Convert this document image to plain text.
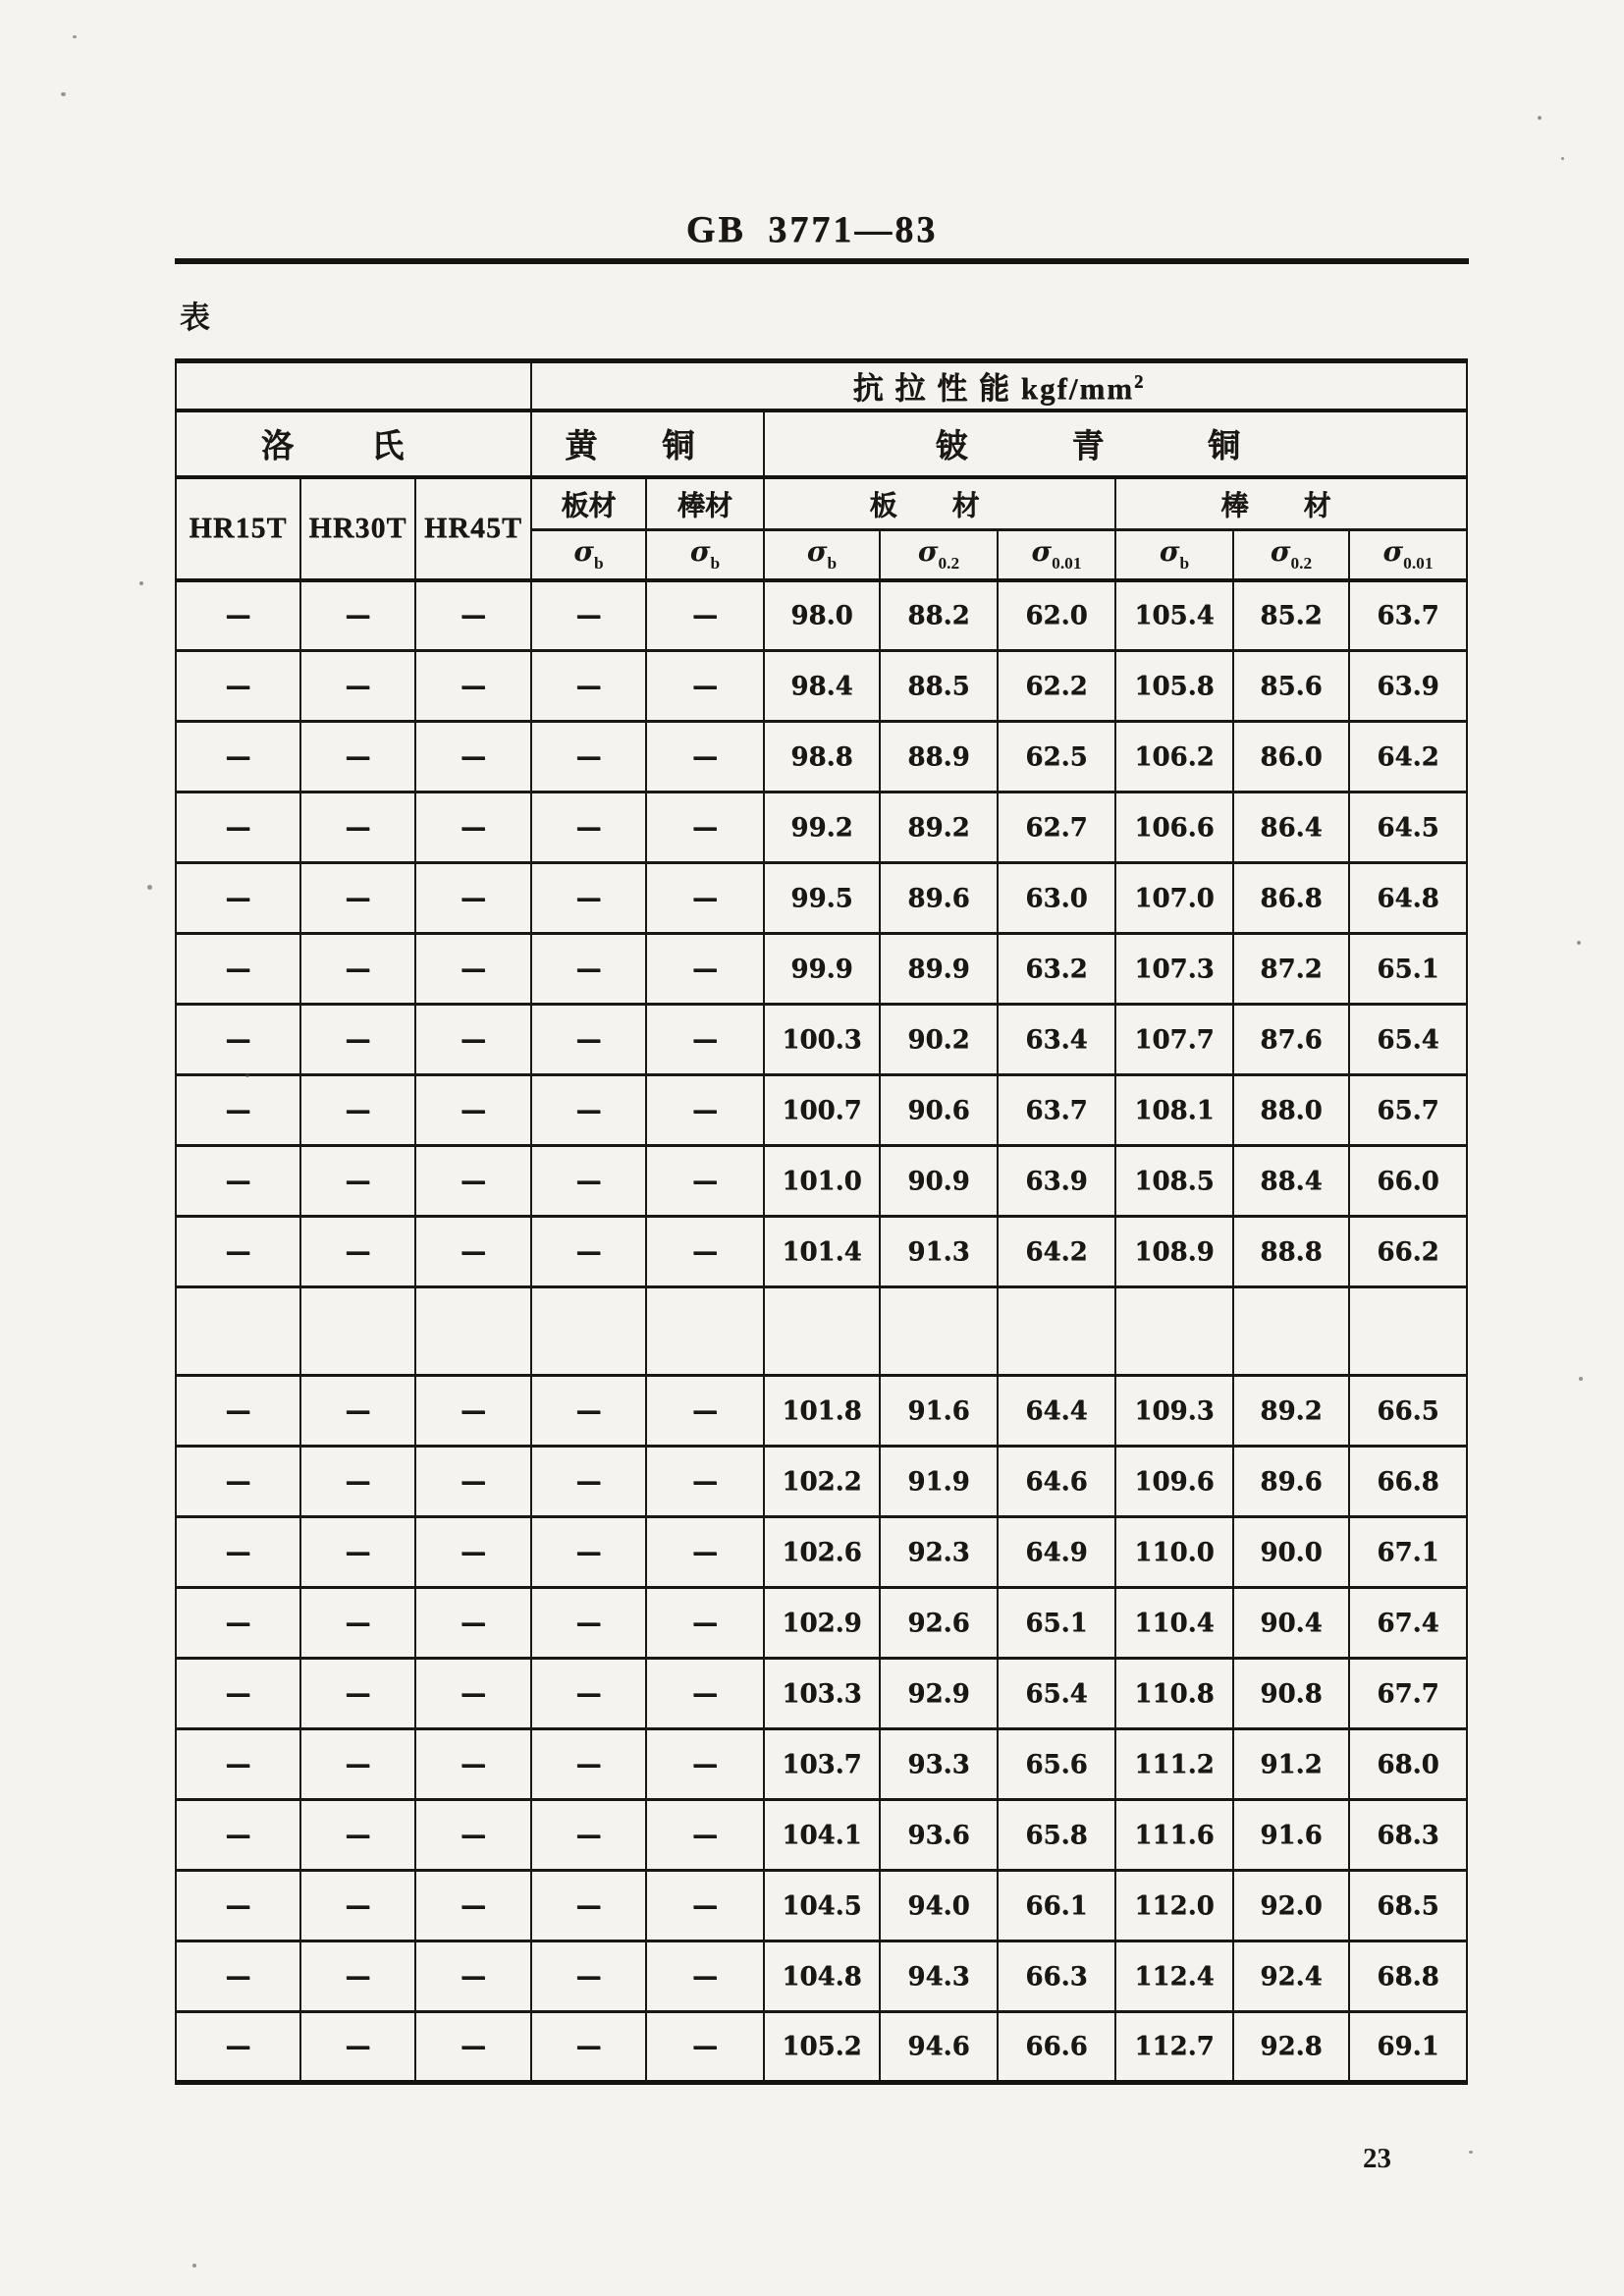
GB 3771—83
表
			抗 拉 性 能 kgf/$mm^2$
洛氏			黄铜		铍青铜					
HR15T	HR30T	HR45T	板材	棒材	板材			棒材		
			$\sigma_b$	$\sigma_b$	$\sigma_b$	$\sigma_{0.2}$	$\sigma_{0.01}$	$\sigma_b$	$\sigma_{0.2}$	$\sigma_{0.01}$
—	—	—	—	—	98.0	88.2	62.0	105.4	85.2	63.7
—	—	—	—	—	98.4	88.5	62.2	105.8	85.6	63.9
—	—	—	—	—	98.8	88.9	62.5	106.2	86.0	64.2
—	—	—	—	—	99.2	89.2	62.7	106.6	86.4	64.5
—	—	—	—	—	99.5	89.6	63.0	107.0	86.8	64.8
—	—	—	—	—	99.9	89.9	63.2	107.3	87.2	65.1
—	—	—	—	—	100.3	90.2	63.4	107.7	87.6	65.4
—	—	—	—	—	100.7	90.6	63.7	108.1	88.0	65.7
—	—	—	—	—	101.0	90.9	63.9	108.5	88.4	66.0
—	—	—	—	—	101.4	91.3	64.2	108.9	88.8	66.2

—	—	—	—	—	101.8	91.6	64.4	109.3	89.2	66.5
—	—	—	—	—	102.2	91.9	64.6	109.6	89.6	66.8
—	—	—	—	—	102.6	92.3	64.9	110.0	90.0	67.1
—	—	—	—	—	102.9	92.6	65.1	110.4	90.4	67.4
—	—	—	—	—	103.3	92.9	65.4	110.8	90.8	67.7
—	—	—	—	—	103.7	93.3	65.6	111.2	91.2	68.0
—	—	—	—	—	104.1	93.6	65.8	111.6	91.6	68.3
—	—	—	—	—	104.5	94.0	66.1	112.0	92.0	68.5
—	—	—	—	—	104.8	94.3	66.3	112.4	92.4	68.8
—	—	—	—	—	105.2	94.6	66.6	112.7	92.8	69.1
23
